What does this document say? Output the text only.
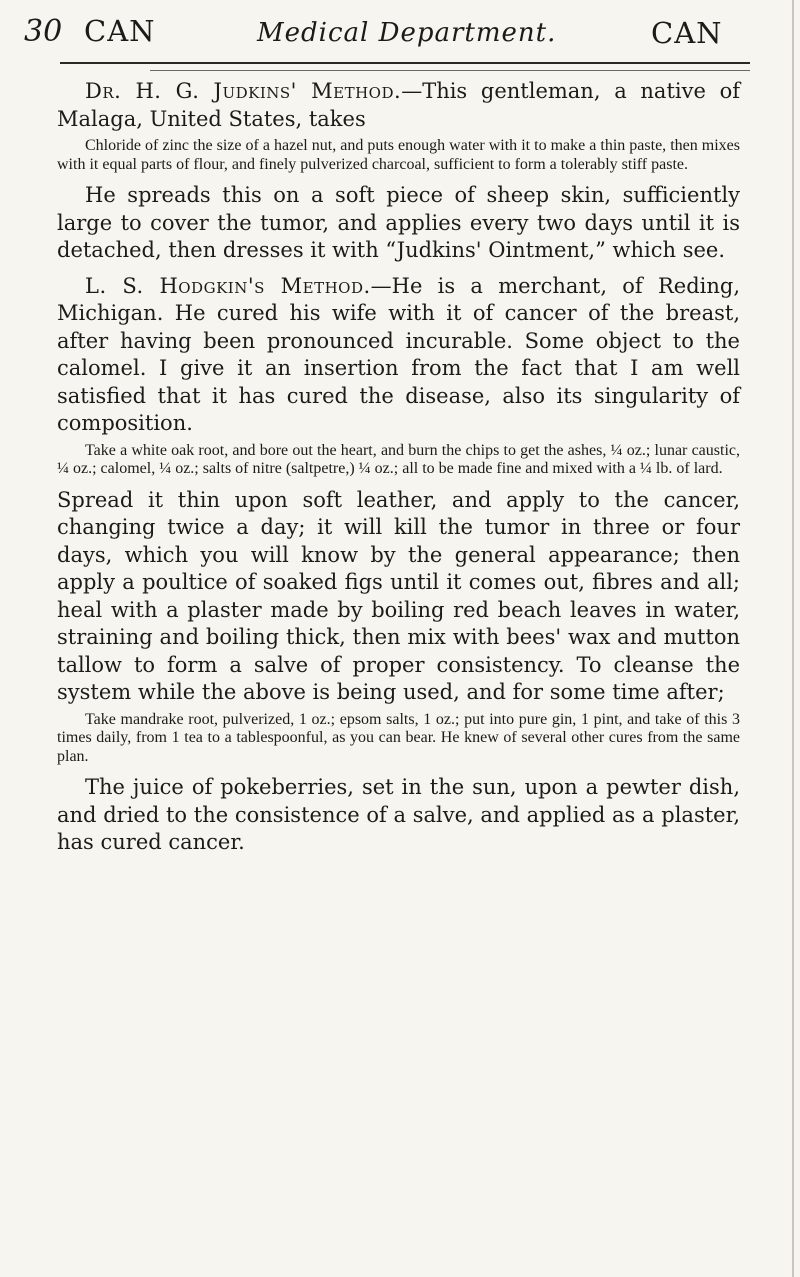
30 CAN	Medical Department.	CAN

Dr. H. G. Judkins' Method.—This gentleman, a native of Malaga, United States, takes

Chloride of zinc the size of a hazel nut, and puts enough water with it to make a thin paste, then mixes with it equal parts of flour, and finely pulverized charcoal, sufficient to form a tolerably stiff paste.

He spreads this on a soft piece of sheep skin, sufficiently large to cover the tumor, and applies every two days until it is detached, then dresses it with “Judkins' Ointment,” which see.

L. S. Hodgkin's Method.—He is a merchant, of Reding, Michigan. He cured his wife with it of cancer of the breast, after having been pronounced incurable. Some object to the calomel. I give it an insertion from the fact that I am well satisfied that it has cured the disease, also its singularity of composition.

Take a white oak root, and bore out the heart, and burn the chips to get the ashes, ¼ oz.; lunar caustic, ¼ oz.; calomel, ¼ oz.; salts of nitre (saltpetre,) ¼ oz.; all to be made fine and mixed with a ¼ lb. of lard.

Spread it thin upon soft leather, and apply to the cancer, changing twice a day; it will kill the tumor in three or four days, which you will know by the general appearance; then apply a poultice of soaked figs until it comes out, fibres and all; heal with a plaster made by boiling red beach leaves in water, straining and boiling thick, then mix with bees' wax and mutton tallow to form a salve of proper consistency. To cleanse the system while the above is being used, and for some time after;

Take mandrake root, pulverized, 1 oz.; epsom salts, 1 oz.; put into pure gin, 1 pint, and take of this 3 times daily, from 1 tea to a tablespoonful, as you can bear. He knew of several other cures from the same plan.

The juice of pokeberries, set in the sun, upon a pewter dish, and dried to the consistence of a salve, and applied as a plaster, has cured cancer.
